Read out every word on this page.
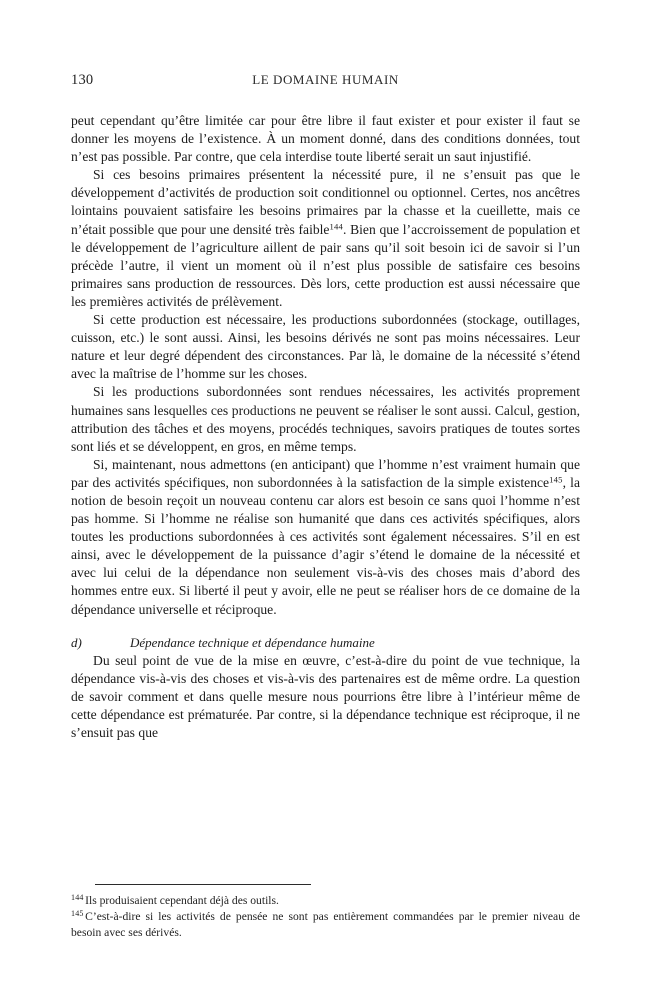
130	LE DOMAINE HUMAIN

peut cependant qu’être limitée car pour être libre il faut exister et pour exister il faut se donner les moyens de l’existence. À un moment donné, dans des conditions données, tout n’est pas possible. Par contre, que cela interdise toute liberté serait un saut injustifié.

Si ces besoins primaires présentent la nécessité pure, il ne s’ensuit pas que le développement d’activités de production soit conditionnel ou optionnel. Certes, nos ancêtres lointains pouvaient satisfaire les besoins primaires par la chasse et la cueillette, mais ce n’était possible que pour une densité très faible$^{144}$. Bien que l’accroissement de population et le développement de l’agriculture aillent de pair sans qu’il soit besoin ici de savoir si l’un précède l’autre, il vient un moment où il n’est plus possible de satisfaire ces besoins primaires sans production de ressources. Dès lors, cette production est aussi nécessaire que les premières activités de prélèvement.

Si cette production est nécessaire, les productions subordonnées (stockage, outillages, cuisson, etc.) le sont aussi. Ainsi, les besoins dérivés ne sont pas moins nécessaires. Leur nature et leur degré dépendent des circonstances. Par là, le domaine de la nécessité s’étend avec la maîtrise de l’homme sur les choses.

Si les productions subordonnées sont rendues nécessaires, les activités proprement humaines sans lesquelles ces productions ne peuvent se réaliser le sont aussi. Calcul, gestion, attribution des tâches et des moyens, procédés techniques, savoirs pratiques de toutes sortes sont liés et se développent, en gros, en même temps.

Si, maintenant, nous admettons (en anticipant) que l’homme n’est vraiment humain que par des activités spécifiques, non subordonnées à la satisfaction de la simple existence$^{145}$, la notion de besoin reçoit un nouveau contenu car alors est besoin ce sans quoi l’homme n’est pas homme. Si l’homme ne réalise son humanité que dans ces activités spécifiques, alors toutes les productions subordonnées à ces activités sont également nécessaires. S’il en est ainsi, avec le développement de la puissance d’agir s’étend le domaine de la nécessité et avec lui celui de la dépendance non seulement vis-à-vis des choses mais d’abord des hommes entre eux. Si liberté il peut y avoir, elle ne peut se réaliser hors de ce domaine de la dépendance universelle et réciproque.

d)	Dépendance technique et dépendance humaine

Du seul point de vue de la mise en œuvre, c’est-à-dire du point de vue technique, la dépendance vis-à-vis des choses et vis-à-vis des partenaires est de même ordre. La question de savoir comment et dans quelle mesure nous pourrions être libre à l’intérieur même de cette dépendance est prématurée. Par contre, si la dépendance technique est réciproque, il ne s’ensuit pas que

$^{144}$ Ils produisaient cependant déjà des outils.

$^{145}$ C’est-à-dire si les activités de pensée ne sont pas entièrement commandées par le premier niveau de besoin avec ses dérivés.
